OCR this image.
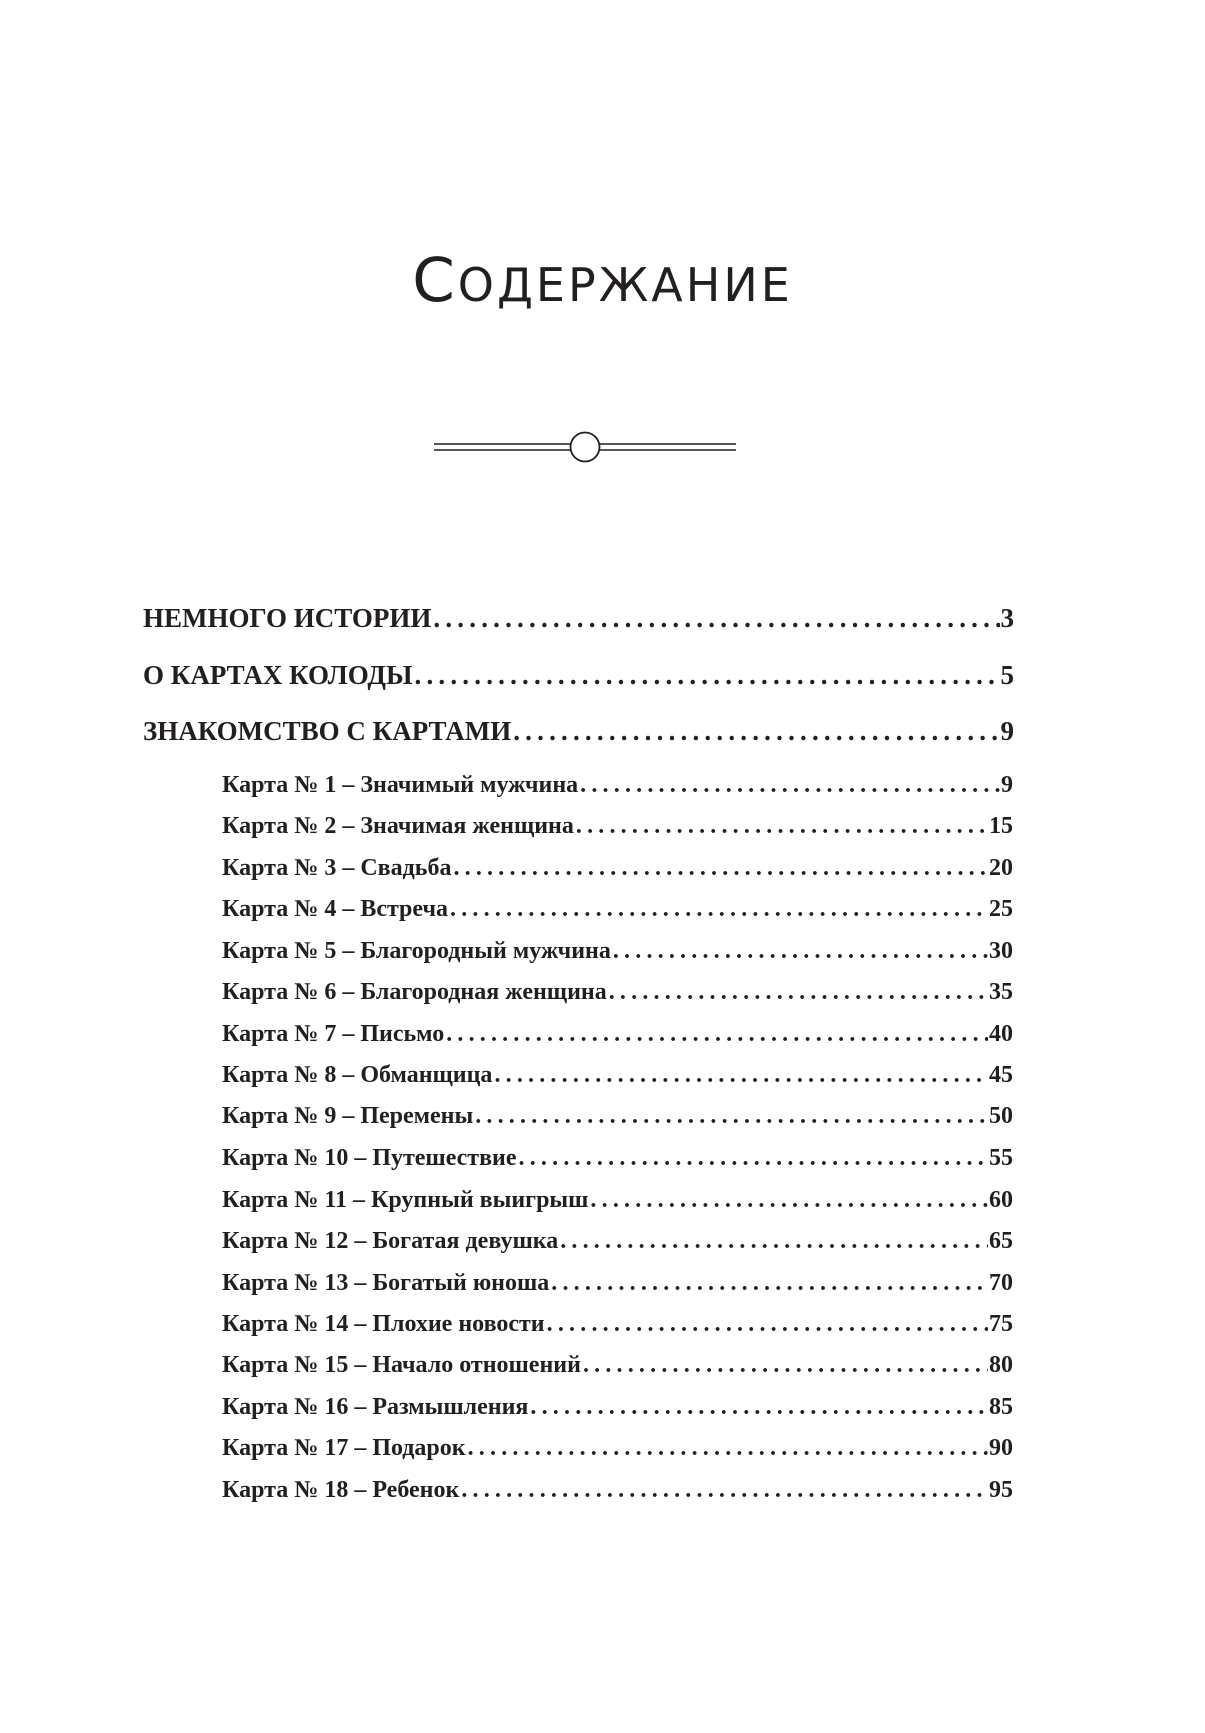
СОДЕРЖАНИЕ
НЕМНОГО ИСТОРИИ .....	3
О КАРТАХ КОЛОДЫ .....	5
ЗНАКОМСТВО С КАРТАМИ .....	9
Карта № 1 – Значимый мужчина .....	9
Карта № 2 – Значимая женщина .....	15
Карта № 3 – Свадьба .....	20
Карта № 4 – Встреча .....	25
Карта № 5 – Благородный мужчина .....	30
Карта № 6 – Благородная женщина .....	35
Карта № 7 – Письмо .....	40
Карта № 8 – Обманщица .....	45
Карта № 9 – Перемены .....	50
Карта № 10 – Путешествие .....	55
Карта № 11 – Крупный выигрыш .....	60
Карта № 12 – Богатая девушка .....	65
Карта № 13 – Богатый юноша .....	70
Карта № 14 – Плохие новости .....	75
Карта № 15 – Начало отношений .....	80
Карта № 16 – Размышления .....	85
Карта № 17 – Подарок .....	90
Карта № 18 – Ребенок .....	95
